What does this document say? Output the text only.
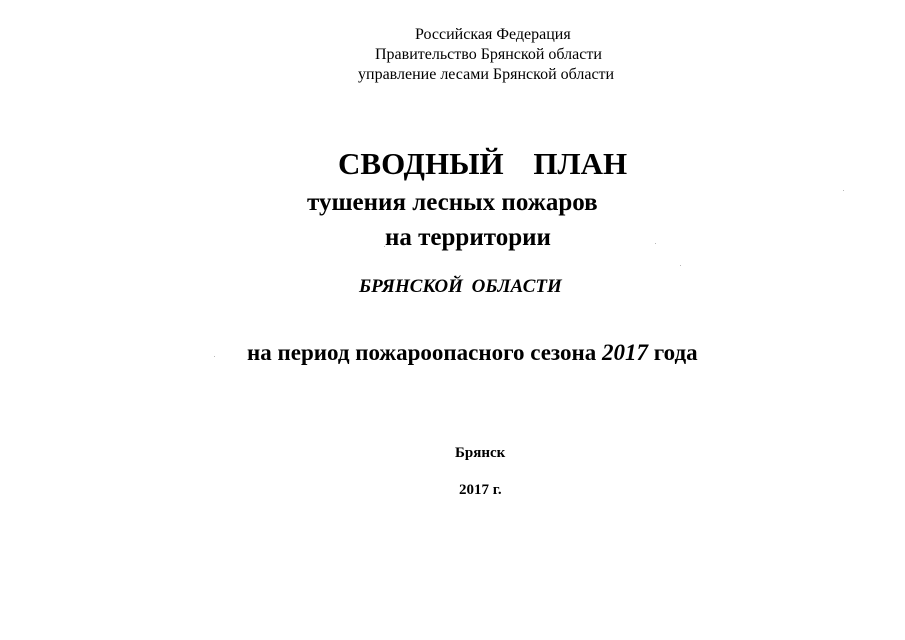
Российская Федерация
Правительство Брянской области
управление лесами Брянской области
СВОДНЫЙ ПЛАН
тушения лесных пожаров
на территории
БРЯНСКОЙ ОБЛАСТИ
на период пожароопасного сезона 2017 года
Брянск
2017 г.
